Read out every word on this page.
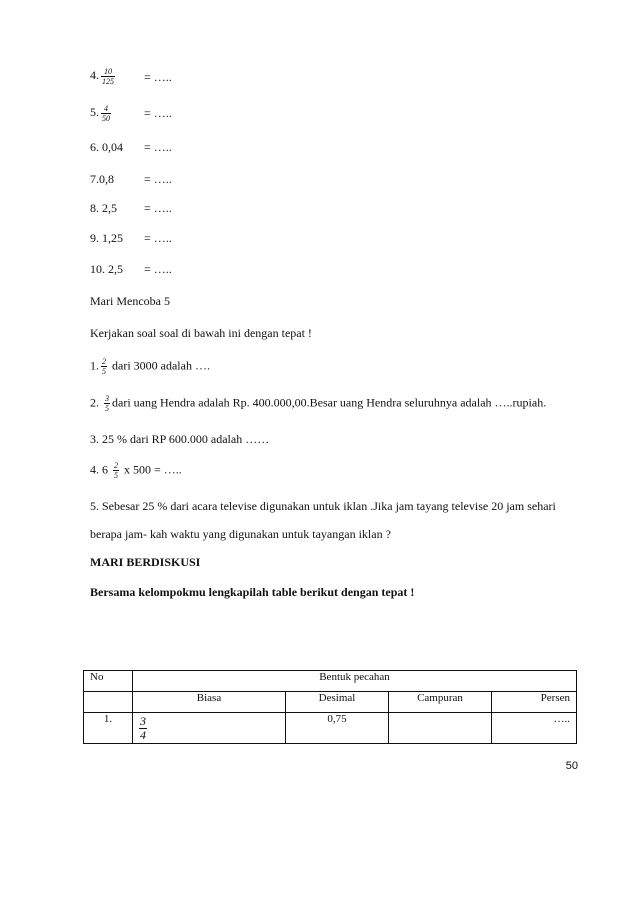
4. $\frac{10}{125}$ = …..
5. $\frac{4}{50}$	= …..
6. 0,04 = …..
7.0,8	= …..
8. 2,5 = …..
9. 1,25 = …..
10. 2,5 = …..
Mari Mencoba 5
Kerjakan soal soal di bawah ini dengan tepat !
1. $\frac{2}{5}$ dari 3000 adalah ….
2. $\frac{3}{5}$ dari uang Hendra adalah Rp. 400.000,00.Besar uang Hendra seluruhnya adalah …..rupiah.
3. 25 % dari RP 600.000 adalah ……
4. $6 \frac{2}{5}$ x 500 = …..
5. Sebesar 25 % dari acara televise digunakan untuk iklan .Jika jam tayang televise 20 jam sehari
berapa jam- kah waktu yang digunakan untuk tayangan iklan ?
MARI BERDISKUSI
Bersama kelompokmu lengkapilah table berikut dengan tepat !
No	Bentuk pecahan			
	Biasa	Desimal	Campuran	Persen
1.	$\frac{3}{4}$	0,75		…..
50
